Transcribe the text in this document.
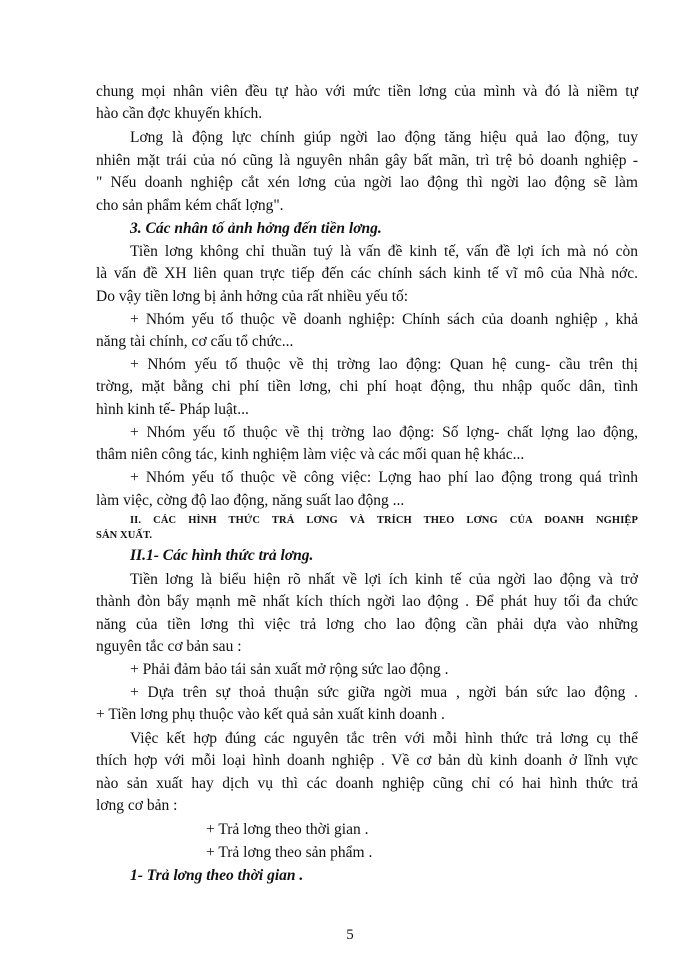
chung mọi nhân viên đều tự hào với mức tiền lơng của mình và đó là niềm tự
hào cần đợc khuyến khích.
Lơng là động lực chính giúp ngời lao động tăng hiệu quả lao động, tuy
nhiên mặt trái của nó cũng là nguyên nhân gây bất mãn, trì trệ bỏ doanh nghiệp -
" Nếu doanh nghiệp cắt xén lơng của ngời lao động thì ngời lao động sẽ làm
cho sản phẩm kém chất lợng".
3. Các nhân tố ảnh hởng đến tiền lơng.
Tiền lơng không chỉ thuần tuý là vấn đề kinh tế, vấn đề lợi ích mà nó còn
là vấn đề XH liên quan trực tiếp đến các chính sách kinh tế vĩ mô của Nhà nớc.
Do vậy tiền lơng bị ảnh hởng của rất nhiều yếu tố:
+ Nhóm yếu tố thuộc về doanh nghiệp: Chính sách của doanh nghiệp , khả
năng tài chính, cơ cấu tổ chức...
+ Nhóm yếu tố thuộc về thị trờng lao động: Quan hệ cung- cầu trên thị
trờng, mặt bằng chi phí tiền lơng, chi phí hoạt động, thu nhập quốc dân, tình
hình kinh tế- Pháp luật...
+ Nhóm yếu tố thuộc về thị trờng lao động: Số lợng- chất lợng lao động,
thâm niên công tác, kinh nghiệm làm việc và các mối quan hệ khác...
+ Nhóm yếu tố thuộc về công việc: Lợng hao phí lao động trong quá trình
làm việc, cờng độ lao động, năng suất lao động ...
II. CÁC HÌNH THỨC TRẢ LƠNG VÀ TRÍCH THEO LƠNG CỦA DOANH NGHIỆP
SẢN XUẤT.
II.1- Các hình thức trả lơng.
Tiền lơng là biểu hiện rõ nhất về lợi ích kinh tế của ngời lao động và trở
thành đòn bẩy mạnh mẽ nhất kích thích ngời lao động . Để phát huy tối đa chức
năng của tiền lơng thì việc trả lơng cho lao động cần phải dựa vào những
nguyên tắc cơ bản sau :
+ Phải đảm bảo tái sản xuất mở rộng sức lao động .
+ Dựa trên sự thoả thuận sức giữa ngời mua , ngời bán sức lao động .
+ Tiền lơng phụ thuộc vào kết quả sản xuất kinh doanh .
Việc kết hợp đúng các nguyên tắc trên với mỗi hình thức trả lơng cụ thể
thích hợp với mỗi loại hình doanh nghiệp . Về cơ bản dù kinh doanh ở lĩnh vực
nào sản xuất hay dịch vụ thì các doanh nghiệp cũng chỉ có hai hình thức trả
lơng cơ bản :
+ Trả lơng theo thời gian .
+ Trả lơng theo sản phẩm .
1- Trả lơng theo thời gian .
5
